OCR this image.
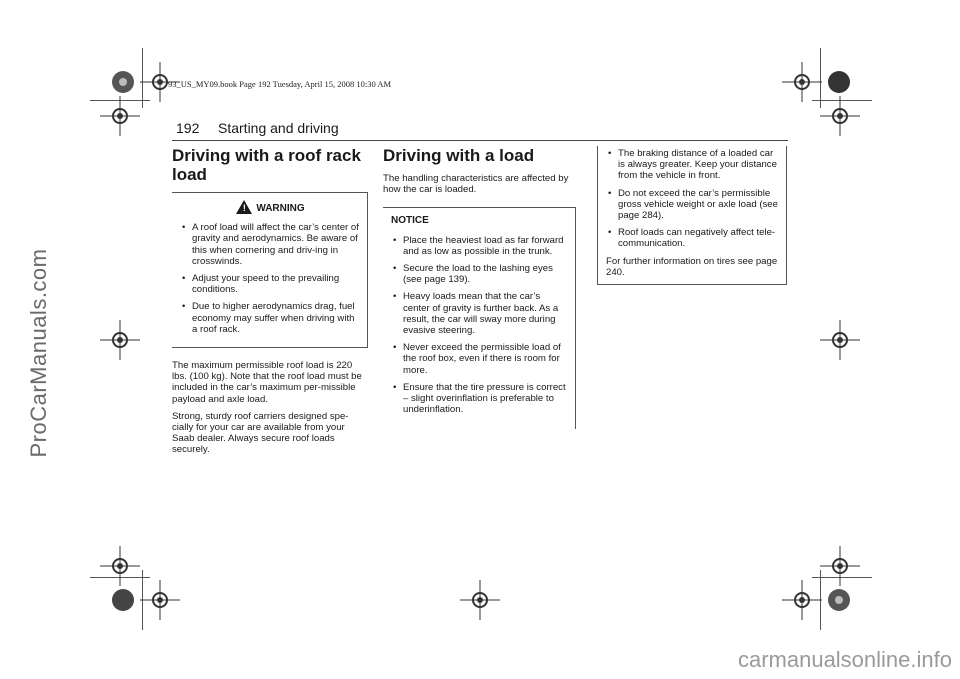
93_US_MY09.book Page 192 Tuesday, April 15, 2008 10:30 AM
192 Starting and driving
Driving with a roof rack load
! WARNING
• A roof load will affect the car’s center of gravity and aerodynamics. Be aware of this when cornering and driv-ing in crosswinds.
• Adjust your speed to the prevailing conditions.
• Due to higher aerodynamics drag, fuel economy may suffer when driving with a roof rack.

The maximum permissible roof load is 220 lbs. (100 kg). Note that the roof load must be included in the car’s maximum per-missible payload and axle load.

Strong, sturdy roof carriers designed spe-cially for your car are available from your Saab dealer. Always secure roof loads securely.

Driving with a load

The handling characteristics are affected by how the car is loaded.

NOTICE
• Place the heaviest load as far forward and as low as possible in the trunk.
• Secure the load to the lashing eyes (see page 139).
• Heavy loads mean that the car’s center of gravity is further back. As a result, the car will sway more during evasive steering.
• Never exceed the permissible load of the roof box, even if there is room for more.
• Ensure that the tire pressure is correct – slight overinflation is preferable to underinflation.
• The braking distance of a loaded car is always greater. Keep your distance from the vehicle in front.
• Do not exceed the car’s permissible gross vehicle weight or axle load (see page 284).
• Roof loads can negatively affect tele-communication.

For further information on tires see page 240.

ProCarManuals.com
carmanualsonline.info
